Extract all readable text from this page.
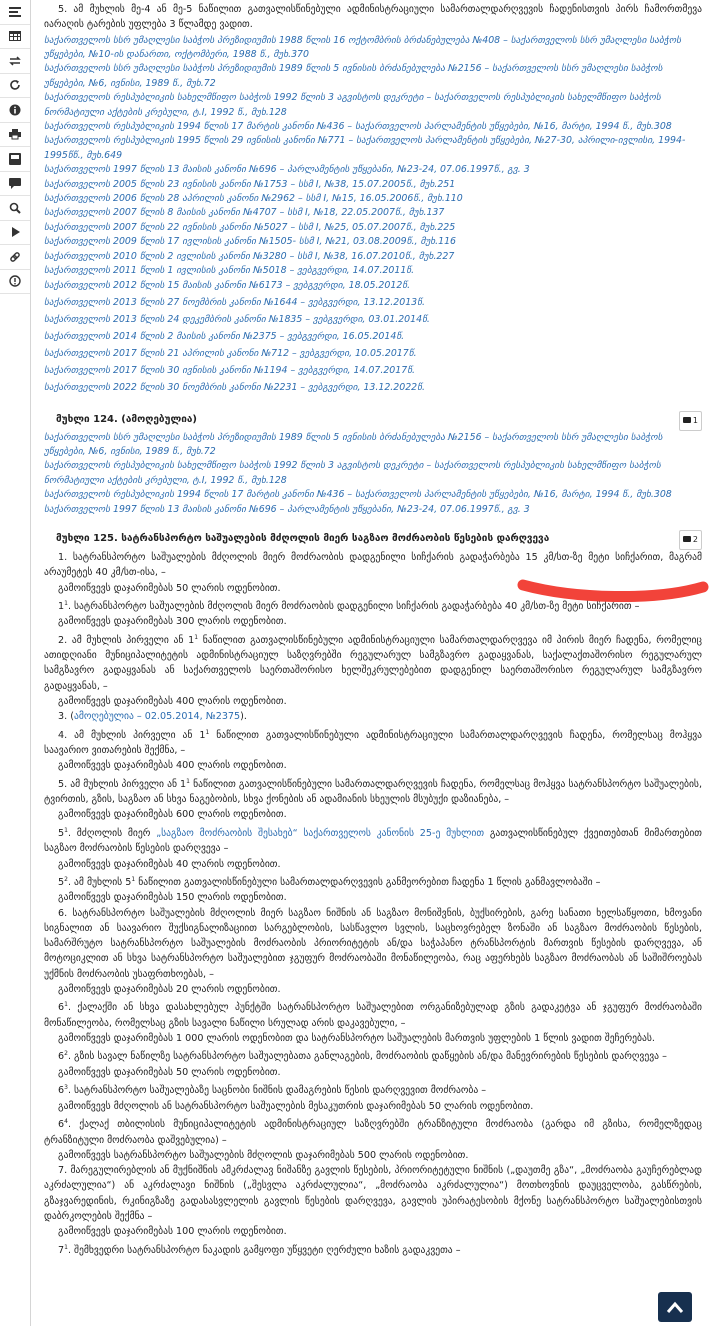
5. ამ მუხლის მე-4 ან მე-5 ნაწილით გათვალისწინებული ადმინისტრაციული სამართალდარღვევის ჩადენისთვის პირს ჩამორთმევა იარაღის ტარების უფლება 3 წლამდე ვადით.

საქართველოს სსრ უმაღლესი საბჭოს პრეზიდიუმის 1988 წლის 16 ოქტომბრის ბრძანებულება №408 – საქართველოს სსრ უმაღლესი საბჭოს უწყებები, №10-ის დანართი, ოქტომბერი, 1988 წ., მუხ.370

საქართველოს სსრ უმაღლესი საბჭოს პრეზიდიუმის 1989 წლის 5 ივნისის ბრძანებულება №2156 – საქართველოს სსრ უმაღლესი საბჭოს უწყებები, №6, ივნისი, 1989 წ., მუხ.72

საქართველოს რესპუბლიკის სახელმწიფო საბჭოს 1992 წლის 3 აგვისტოს დეკრეტი – საქართველოს რესპუბლიკის სახელმწიფო საბჭოს ნორმატიული აქტების კრებული, ტ.I, 1992 წ., მუხ.128

საქართველოს რესპუბლიკის 1994 წლის 17 მარტის კანონი №436 – საქართველოს პარლამენტის უწყებები, №16, მარტი, 1994 წ., მუხ.308

საქართველოს რესპუბლიკის 1995 წლის 29 ივნისის კანონი №771 – საქართველოს პარლამენტის უწყებები, №27-30, აპრილი-ივლისი, 1994-1995წწ., მუხ.649

საქართველოს 1997 წლის 13 მაისის კანონი №696 – პარლამენტის უწყებანი, №23-24, 07.06.1997წ., გვ. 3

საქართველოს 2005 წლის 23 ივნისის კანონი №1753 – სსმ I, №38, 15.07.2005წ., მუხ.251

საქართველოს 2006 წლის 28 აპრილის კანონი №2962 – სსმ I, №15, 16.05.2006წ., მუხ.110

საქართველოს 2007 წლის 8 მაისის კანონი №4707 – სსმ I, №18, 22.05.2007წ., მუხ.137

საქართველოს 2007 წლის 22 ივნისის კანონი №5027 – სსმ I, №25, 05.07.2007წ., მუხ.225

საქართველოს 2009 წლის 17 ივლისის კანონი №1505- სსმ I, №21, 03.08.2009წ., მუხ.116

საქართველოს 2010 წლის 2 ივლისის კანონი №3280 – სსმ I, №38, 16.07.2010წ., მუხ.227

საქართველოს 2011 წლის 1 ივლისის კანონი №5018 – ვებგვერდი, 14.07.2011წ.

საქართველოს 2012 წლის 15 მაისის კანონი №6173 – ვებგვერდი, 18.05.2012წ.

საქართველოს 2013 წლის 27 ნოემბრის კანონი №1644 – ვებგვერდი, 13.12.2013წ.

საქართველოს 2013 წლის 24 დეკემბრის კანონი №1835 – ვებგვერდი, 03.01.2014წ.

საქართველოს 2014 წლის 2 მაისის კანონი №2375 – ვებგვერდი, 16.05.2014წ.

საქართველოს 2017 წლის 21 აპრილის კანონი №712 – ვებგვერდი, 10.05.2017წ.

საქართველოს 2017 წლის 30 ივნისის კანონი №1194 – ვებგვერდი, 14.07.2017წ.

საქართველოს 2022 წლის 30 ნოემბრის კანონი №2231 – ვებგვერდი, 13.12.2022წ.

მუხლი 124. (ამოღებულია)	1

საქართველოს სსრ უმაღლესი საბჭოს პრეზიდიუმის 1989 წლის 5 ივნისის ბრძანებულება №2156 – საქართველოს სსრ უმაღლესი საბჭოს უწყებები, №6, ივნისი, 1989 წ., მუხ.72

საქართველოს რესპუბლიკის სახელმწიფო საბჭოს 1992 წლის 3 აგვისტოს დეკრეტი – საქართველოს რესპუბლიკის სახელმწიფო საბჭოს ნორმატიული აქტების კრებული, ტ.I, 1992 წ., მუხ.128

საქართველოს რესპუბლიკის 1994 წლის 17 მარტის კანონი №436 – საქართველოს პარლამენტის უწყებები, №16, მარტი, 1994 წ., მუხ.308

საქართველოს 1997 წლის 13 მაისის კანონი №696 – პარლამენტის უწყებანი, №23-24, 07.06.1997წ., გვ. 3

მუხლი 125. სატრანსპორტო საშუალების მძღოლის მიერ საგზაო მოძრაობის წესების დარღვევა	2

1. სატრანსპორტო საშუალების მძღოლის მიერ მოძრაობის დადგენილი სიჩქარის გადაჭარბება 15 კმ/სთ-ზე მეტი სიჩქარით, მაგრამ არაუმეტეს 40 კმ/სთ-ისა, –

გამოიწვევს დაჯარიმებას 50 ლარის ოდენობით.

$1^1$. სატრანსპორტო საშუალების მძღოლის მიერ მოძრაობის დადგენილი სიჩქარის გადაჭარბება 40 კმ/სთ-ზე მეტი სიჩქარით –

გამოიწვევს დაჯარიმებას 300 ლარის ოდენობით.

2. ამ მუხლის პირველი ან $1^1$ ნაწილით გათვალისწინებული ადმინისტრაციული სამართალდარღვევა იმ პირის მიერ ჩადენა, რომელიც ათიდღიანი მუნიციპალიტეტის ადმინისტრაციულ საზღვრებში რეგულარულ სამგზავრო გადაყვანას, საქალაქთაშორისო რეგულარულ სამგზავრო გადაყვანას ან საქართველოს საერთაშორისო ხელშეკრულებებით დადგენილ საერთაშორისო რეგულარულ სამგზავრო გადაყვანას, –

გამოიწვევს დაჯარიმებას 400 ლარის ოდენობით.

3. (ამოღებულია – 02.05.2014, №2375).

4. ამ მუხლის პირველი ან $1^1$ ნაწილით გათვალისწინებული ადმინისტრაციული სამართალდარღვევის ჩადენა, რომელსაც მოჰყვა საავარიო ვითარების შექმნა, –

გამოიწვევს დაჯარიმებას 400 ლარის ოდენობით.

5. ამ მუხლის პირველი ან $1^1$ ნაწილით გათვალისწინებული სამართალდარღვევის ჩადენა, რომელსაც მოჰყვა სატრანსპორტო საშუალების, ტვირთის, გზის, საგზაო ან სხვა ნაგებობის, სხვა ქონების ან ადამიანის სხეულის მსუბუქი დაზიანება, –

გამოიწვევს დაჯარიმებას 600 ლარის ოდენობით.

$5^1$. მძღოლის მიერ „საგზაო მოძრაობის შესახებ“ საქართველოს კანონის 25-ე მუხლით გათვალისწინებულ ქვეითებთან მიმართებით საგზაო მოძრაობის წესების დარღვევა –

გამოიწვევს დაჯარიმებას 40 ლარის ოდენობით.

$5^2$. ამ მუხლის $5^1$ ნაწილით გათვალისწინებული სამართალდარღვევის განმეორებით ჩადენა 1 წლის განმავლობაში –

გამოიწვევს დაჯარიმებას 150 ლარის ოდენობით.

6. სატრანსპორტო საშუალების მძღოლის მიერ საგზაო ნიშნის ან საგზაო მონიშვნის, ბუქსირების, გარე სანათი ხელსაწყოთი, ხმოვანი სიგნალით ან საავარიო შუქსიგნალიზაციით სარგებლობის, სასწავლო სვლის, საცხოვრებელ ზონაში ან საგზაო მოძრაობის წესების, სამარშრუტო სატრანსპორტო საშუალების მოძრაობის პრიორიტეტის ან/და საჭაპანო ტრანსპორტის მართვის წესების დარღვევა, ან მოტოციკლით ან სხვა სატრანსპორტო საშუალებით ჯგუფურ მოძრაობაში მონაწილეობა, რაც აფერხებს საგზაო მოძრაობას ან საშიშროებას უქმნის მოძრაობის უსაფრთხოებას, –

გამოიწვევს დაჯარიმებას 20 ლარის ოდენობით.

$6^1$. ქალაქში ან სხვა დასახლებულ პუნქტში სატრანსპორტო საშუალებით ორგანიზებულად გზის გადაკეტვა ან ჯგუფურ მოძრაობაში მონაწილეობა, რომელსაც გზის სავალი ნაწილი სრულად არის დაკავებული, –

გამოიწვევს დაჯარიმებას 1 000 ლარის ოდენობით და სატრანსპორტო საშუალების მართვის უფლების 1 წლის ვადით შეჩერებას.

$6^2$. გზის სავალ ნაწილზე სატრანსპორტო საშუალებათა განლაგების, მოძრაობის დაწყების ან/და მანევრირების წესების დარღვევა –

გამოიწვევს დაჯარიმებას 50 ლარის ოდენობით.

$6^3$. სატრანსპორტო საშუალებაზე საცნობი ნიშნის დამაგრების წესის დარღვევით მოძრაობა –

გამოიწვევს მძღოლის ან სატრანსპორტო საშუალების მესაკუთრის დაჯარიმებას 50 ლარის ოდენობით.

$6^4$. ქალაქ თბილისის მუნიციპალიტეტის ადმინისტრაციულ საზღვრებში ტრანზიტული მოძრაობა (გარდა იმ გზისა, რომელზედაც ტრანზიტული მოძრაობა დაშვებულია) –

გამოიწვევს სატრანსპორტო საშუალების მძღოლის დაჯარიმებას 500 ლარის ოდენობით.

7. მარეგულირებლის ან მუქნიშნის ამკრძალავ ნიშანზე გავლის წესების, პრიორიტეტული ნიშნის („დაუთმე გზა“, „მოძრაობა გაუჩერებლად აკრძალულია“) ან აკრძალავი ნიშნის („შესვლა აკრძალულია“, „მოძრაობა აკრძალულია“) მოთხოვნის დაუცველობა, გასწრების, გზაჯვარედინის, რკინიგზაზე გადასასვლელის გავლის წესების დარღვევა, გავლის უპირატესობის მქონე სატრანსპორტო საშუალებისთვის დაბრკოლების შექმნა –

გამოიწვევს დაჯარიმებას 100 ლარის ოდენობით.

$7^1$. შემხვედრი სატრანსპორტო ნაკადის გამყოფი უწყვეტი ღერძული ხაზის გადაკვეთა –
